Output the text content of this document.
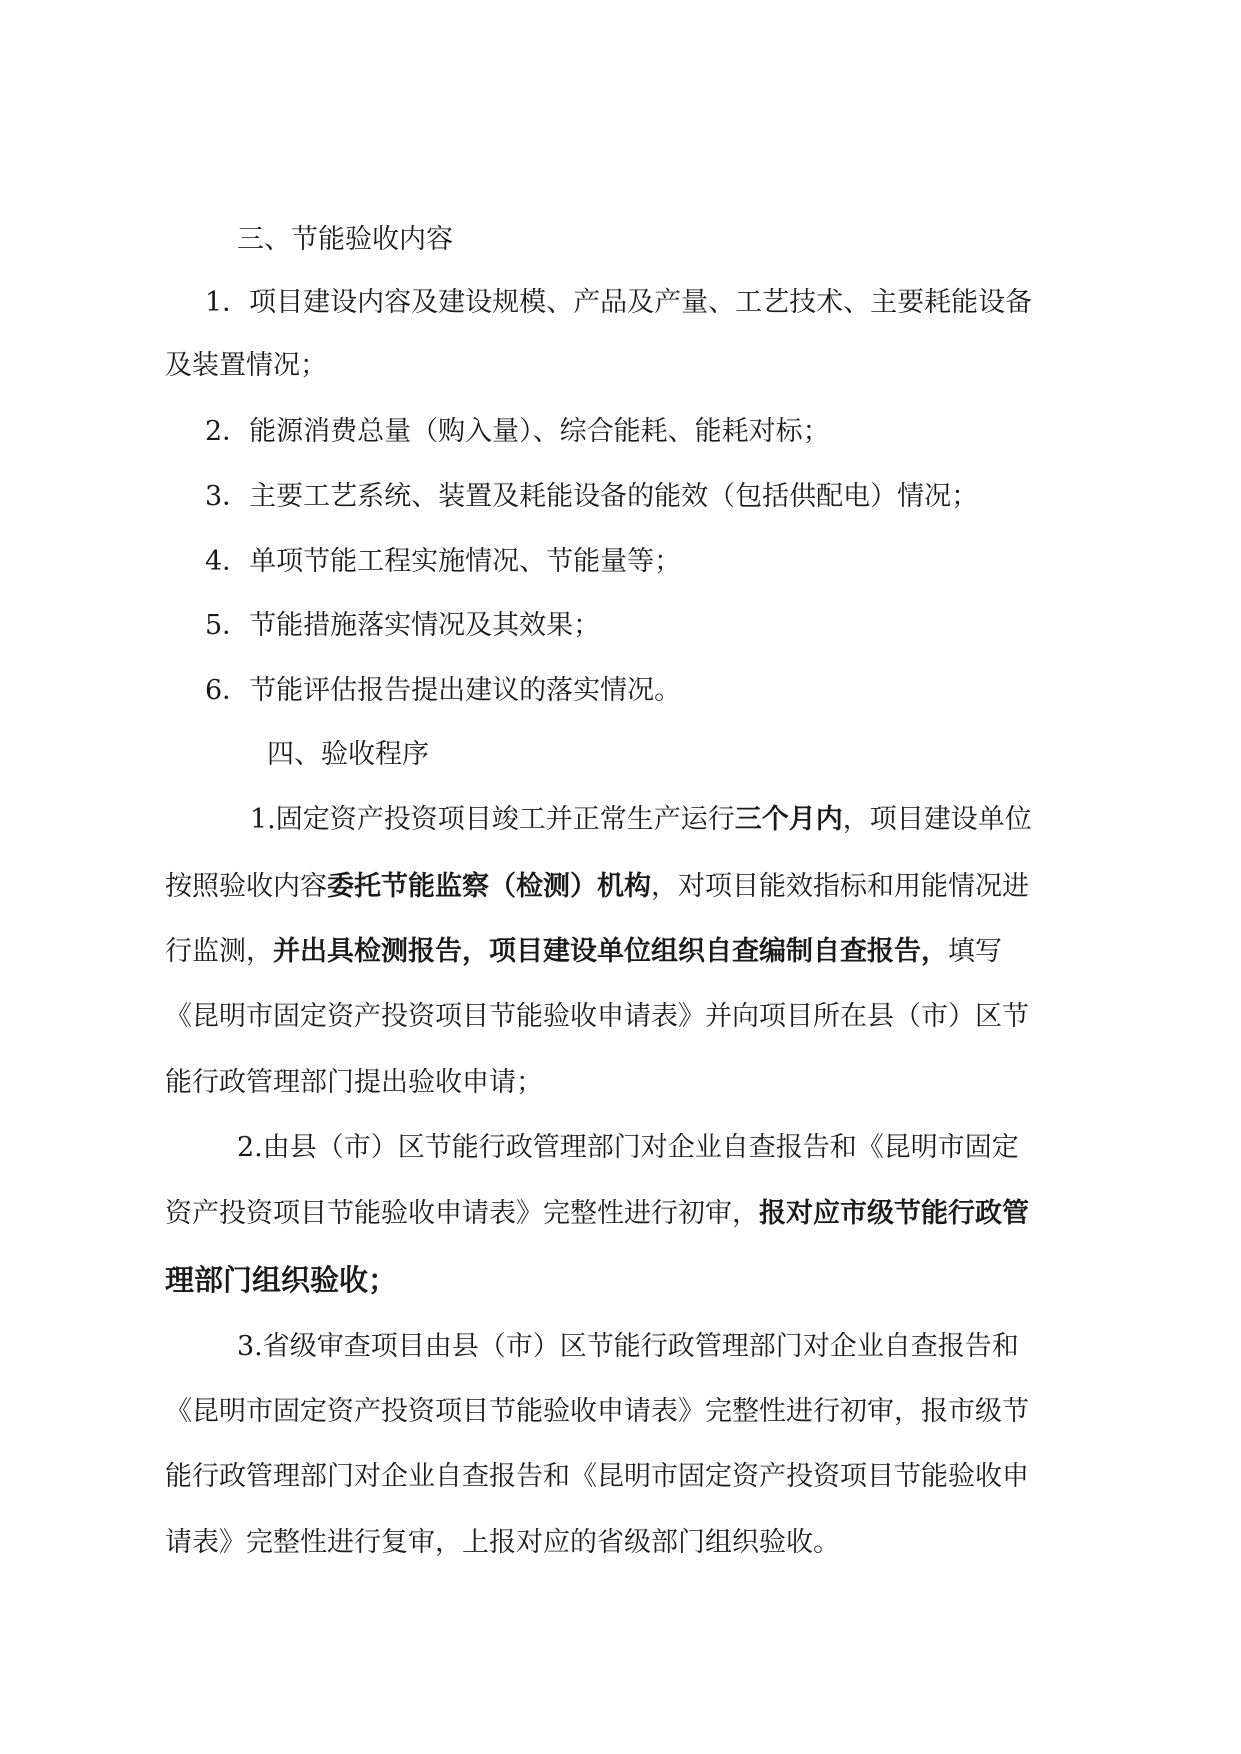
三、节能验收内容

1．项目建设内容及建设规模、产品及产量、工艺技术、主要耗能设备

及装置情况；

2．能源消费总量（购入量）、综合能耗、能耗对标；

3．主要工艺系统、装置及耗能设备的能效（包括供配电）情况；

4．单项节能工程实施情况、节能量等；

5．节能措施落实情况及其效果；

6．节能评估报告提出建议的落实情况。

四、验收程序

1.固定资产投资项目竣工并正常生产运行三个月内，项目建设单位

按照验收内容委托节能监察（检测）机构，对项目能效指标和用能情况进

行监测，并出具检测报告，项目建设单位组织自查编制自查报告，填写

《昆明市固定资产投资项目节能验收申请表》并向项目所在县（市）区节

能行政管理部门提出验收申请；

2.由县（市）区节能行政管理部门对企业自查报告和《昆明市固定

资产投资项目节能验收申请表》完整性进行初审，报对应市级节能行政管

理部门组织验收；

3.省级审查项目由县（市）区节能行政管理部门对企业自查报告和

《昆明市固定资产投资项目节能验收申请表》完整性进行初审，报市级节

能行政管理部门对企业自查报告和《昆明市固定资产投资项目节能验收申

请表》完整性进行复审，上报对应的省级部门组织验收。
